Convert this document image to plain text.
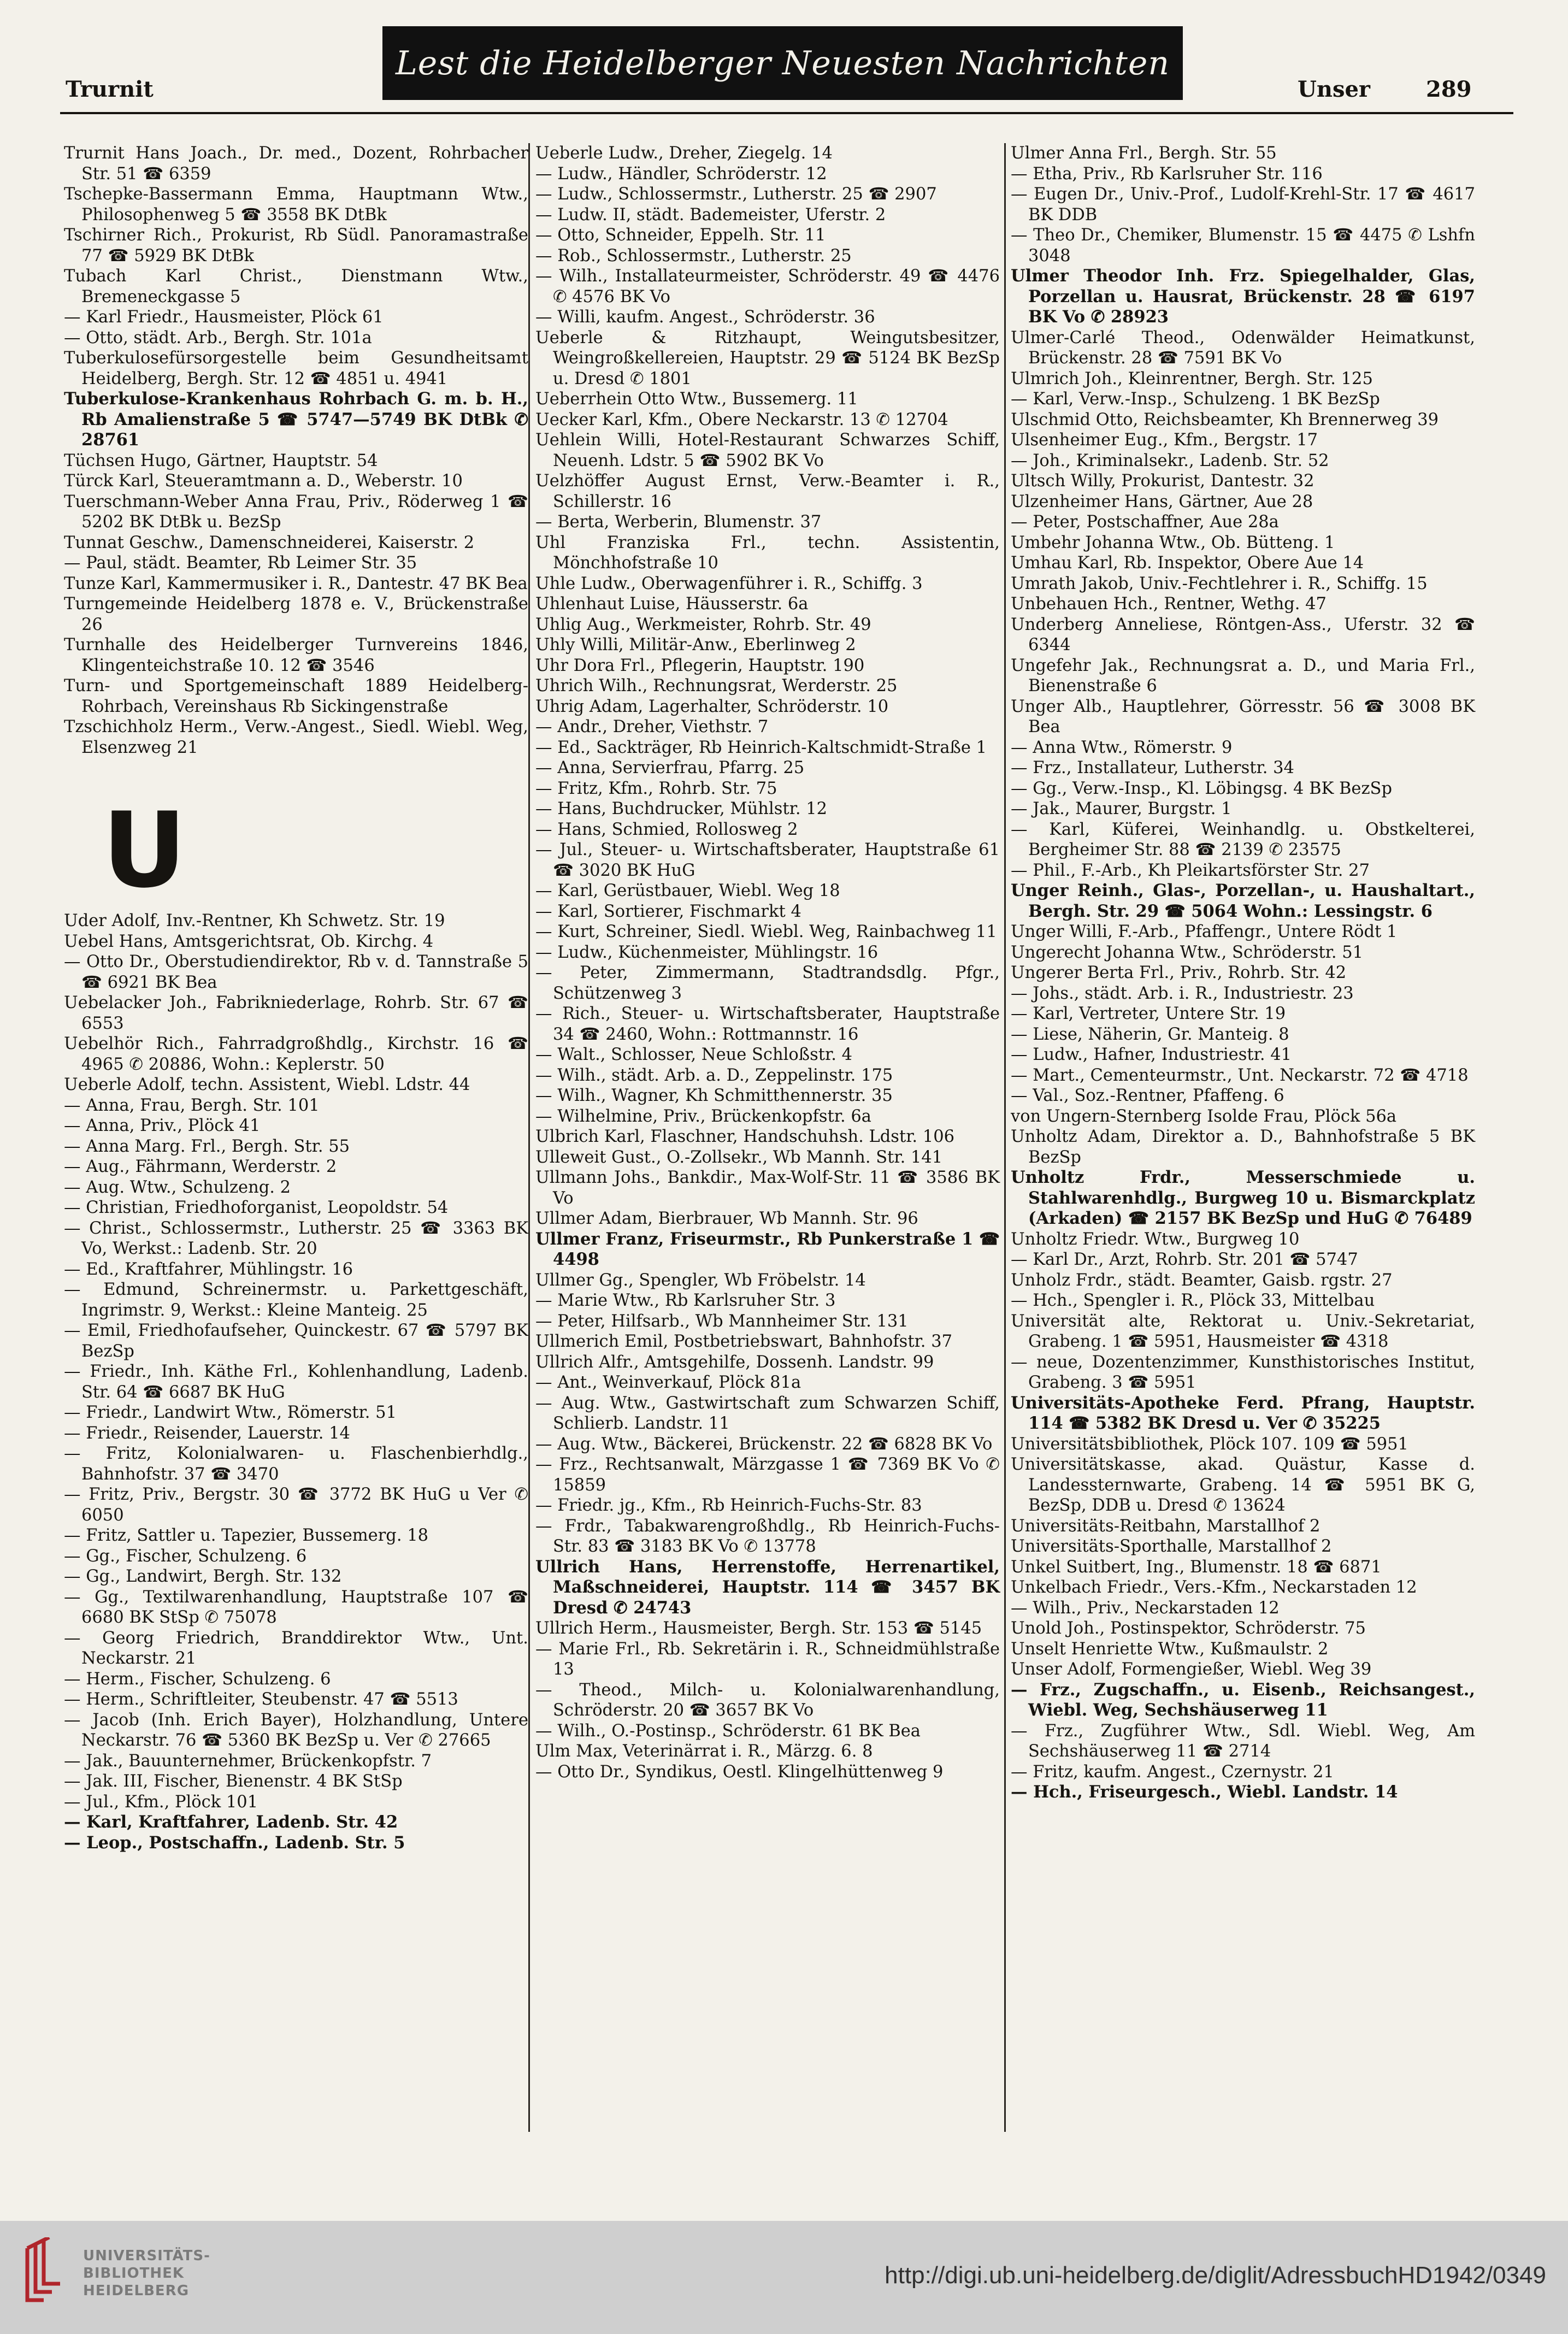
Lest die Heidelberger Neuesten Nachrichten
Trurnit	Unser	289
Trurnit Hans Joach., Dr. med., Dozent, Rohrbacher Str. 51 ☎ 6359
Tschepke-Bassermann Emma, Hauptmann Wtw., Philosophenweg 5 ☎ 3558 BK DtBk
Tschirner Rich., Prokurist, Rb Südl. Panoramastraße 77 ☎ 5929 BK DtBk
Tubach Karl Christ., Dienstmann Wtw., Bremeneckgasse 5
— Karl Friedr., Hausmeister, Plöck 61
— Otto, städt. Arb., Bergh. Str. 101a
Tuberkulosefürsorgestelle beim Gesundheitsamt Heidelberg, Bergh. Str. 12 ☎ 4851 u. 4941
Tuberkulose-Krankenhaus Rohrbach G. m. b. H., Rb Amalienstraße 5 ☎ 5747—5749 BK DtBk ✆ 28761
Tüchsen Hugo, Gärtner, Hauptstr. 54
Türck Karl, Steueramtmann a. D., Weberstr. 10
Tuerschmann-Weber Anna Frau, Priv., Röderweg 1 ☎ 5202 BK DtBk u. BezSp
Tunnat Geschw., Damenschneiderei, Kaiserstr. 2
— Paul, städt. Beamter, Rb Leimer Str. 35
Tunze Karl, Kammermusiker i. R., Dantestr. 47 BK Bea
Turngemeinde Heidelberg 1878 e. V., Brückenstraße 26
Turnhalle des Heidelberger Turnvereins 1846, Klingenteichstraße 10. 12 ☎ 3546
Turn- und Sportgemeinschaft 1889 Heidelberg-Rohrbach, Vereinshaus Rb Sickingenstraße
Tzschichholz Herm., Verw.-Angest., Siedl. Wiebl. Weg, Elsenzweg 21
U
Uder Adolf, Inv.-Rentner, Kh Schwetz. Str. 19
Uebel Hans, Amtsgerichtsrat, Ob. Kirchg. 4
— Otto Dr., Oberstudiendirektor, Rb v. d. Tannstraße 5 ☎ 6921 BK Bea
Uebelacker Joh., Fabrikniederlage, Rohrb. Str. 67 ☎ 6553
Uebelhör Rich., Fahrradgroßhdlg., Kirchstr. 16 ☎ 4965 ✆ 20886, Wohn.: Keplerstr. 50
Ueberle Adolf, techn. Assistent, Wiebl. Ldstr. 44
— Anna, Frau, Bergh. Str. 101
— Anna, Priv., Plöck 41
— Anna Marg. Frl., Bergh. Str. 55
— Aug., Fährmann, Werderstr. 2
— Aug. Wtw., Schulzeng. 2
— Christian, Friedhoforganist, Leopoldstr. 54
— Christ., Schlossermstr., Lutherstr. 25 ☎ 3363 BK Vo, Werkst.: Ladenb. Str. 20
— Ed., Kraftfahrer, Mühlingstr. 16
— Edmund, Schreinermstr. u. Parkettgeschäft, Ingrimstr. 9, Werkst.: Kleine Manteig. 25
— Emil, Friedhofaufseher, Quinckestr. 67 ☎ 5797 BK BezSp
— Friedr., Inh. Käthe Frl., Kohlenhandlung, Ladenb. Str. 64 ☎ 6687 BK HuG
— Friedr., Landwirt Wtw., Römerstr. 51
— Friedr., Reisender, Lauerstr. 14
— Fritz, Kolonialwaren- u. Flaschenbierhdlg., Bahnhofstr. 37 ☎ 3470
— Fritz, Priv., Bergstr. 30 ☎ 3772 BK HuG u Ver ✆ 6050
— Fritz, Sattler u. Tapezier, Bussemerg. 18
— Gg., Fischer, Schulzeng. 6
— Gg., Landwirt, Bergh. Str. 132
— Gg., Textilwarenhandlung, Hauptstraße 107 ☎ 6680 BK StSp ✆ 75078
— Georg Friedrich, Branddirektor Wtw., Unt. Neckarstr. 21
— Herm., Fischer, Schulzeng. 6
— Herm., Schriftleiter, Steubenstr. 47 ☎ 5513
— Jacob (Inh. Erich Bayer), Holzhandlung, Untere Neckarstr. 76 ☎ 5360 BK BezSp u. Ver ✆ 27665
— Jak., Bauunternehmer, Brückenkopfstr. 7
— Jak. III, Fischer, Bienenstr. 4 BK StSp
— Jul., Kfm., Plöck 101
— Karl, Kraftfahrer, Ladenb. Str. 42
— Leop., Postschaffn., Ladenb. Str. 5
Ueberle Ludw., Dreher, Ziegelg. 14
— Ludw., Händler, Schröderstr. 12
— Ludw., Schlossermstr., Lutherstr. 25 ☎ 2907
— Ludw. II, städt. Bademeister, Uferstr. 2
— Otto, Schneider, Eppelh. Str. 11
— Rob., Schlossermstr., Lutherstr. 25
— Wilh., Installateurmeister, Schröderstr. 49 ☎ 4476 ✆ 4576 BK Vo
— Willi, kaufm. Angest., Schröderstr. 36
Ueberle & Ritzhaupt, Weingutsbesitzer, Weingroßkellereien, Hauptstr. 29 ☎ 5124 BK BezSp u. Dresd ✆ 1801
Ueberrhein Otto Wtw., Bussemerg. 11
Uecker Karl, Kfm., Obere Neckarstr. 13 ✆ 12704
Uehlein Willi, Hotel-Restaurant Schwarzes Schiff, Neuenh. Ldstr. 5 ☎ 5902 BK Vo
Uelzhöffer August Ernst, Verw.-Beamter i. R., Schillerstr. 16
— Berta, Werberin, Blumenstr. 37
Uhl Franziska Frl., techn. Assistentin, Mönchhofstraße 10
Uhle Ludw., Oberwagenführer i. R., Schiffg. 3
Uhlenhaut Luise, Häusserstr. 6a
Uhlig Aug., Werkmeister, Rohrb. Str. 49
Uhly Willi, Militär-Anw., Eberlinweg 2
Uhr Dora Frl., Pflegerin, Hauptstr. 190
Uhrich Wilh., Rechnungsrat, Werderstr. 25
Uhrig Adam, Lagerhalter, Schröderstr. 10
— Andr., Dreher, Viethstr. 7
— Ed., Sackträger, Rb Heinrich-Kaltschmidt-Straße 1
— Anna, Servierfrau, Pfarrg. 25
— Fritz, Kfm., Rohrb. Str. 75
— Hans, Buchdrucker, Mühlstr. 12
— Hans, Schmied, Rollosweg 2
— Jul., Steuer- u. Wirtschaftsberater, Hauptstraße 61 ☎ 3020 BK HuG
— Karl, Gerüstbauer, Wiebl. Weg 18
— Karl, Sortierer, Fischmarkt 4
— Kurt, Schreiner, Siedl. Wiebl. Weg, Rainbachweg 11
— Ludw., Küchenmeister, Mühlingstr. 16
— Peter, Zimmermann, Stadtrandsdlg. Pfgr., Schützenweg 3
— Rich., Steuer- u. Wirtschaftsberater, Hauptstraße 34 ☎ 2460, Wohn.: Rottmannstr. 16
— Walt., Schlosser, Neue Schloßstr. 4
— Wilh., städt. Arb. a. D., Zeppelinstr. 175
— Wilh., Wagner, Kh Schmitthennerstr. 35
— Wilhelmine, Priv., Brückenkopfstr. 6a
Ulbrich Karl, Flaschner, Handschuhsh. Ldstr. 106
Ulleweit Gust., O.-Zollsekr., Wb Mannh. Str. 141
Ullmann Johs., Bankdir., Max-Wolf-Str. 11 ☎ 3586 BK Vo
Ullmer Adam, Bierbrauer, Wb Mannh. Str. 96
Ullmer Franz, Friseurmstr., Rb Punkerstraße 1 ☎ 4498
Ullmer Gg., Spengler, Wb Fröbelstr. 14
— Marie Wtw., Rb Karlsruher Str. 3
— Peter, Hilfsarb., Wb Mannheimer Str. 131
Ullmerich Emil, Postbetriebswart, Bahnhofstr. 37
Ullrich Alfr., Amtsgehilfe, Dossenh. Landstr. 99
— Ant., Weinverkauf, Plöck 81a
— Aug. Wtw., Gastwirtschaft zum Schwarzen Schiff, Schlierb. Landstr. 11
— Aug. Wtw., Bäckerei, Brückenstr. 22 ☎ 6828 BK Vo
— Frz., Rechtsanwalt, Märzgasse 1 ☎ 7369 BK Vo ✆ 15859
— Friedr. jg., Kfm., Rb Heinrich-Fuchs-Str. 83
— Frdr., Tabakwarengroßhdlg., Rb Heinrich-Fuchs-Str. 83 ☎ 3183 BK Vo ✆ 13778
Ullrich Hans, Herrenstoffe, Herrenartikel, Maßschneiderei, Hauptstr. 114 ☎ 3457 BK Dresd ✆ 24743
Ullrich Herm., Hausmeister, Bergh. Str. 153 ☎ 5145
— Marie Frl., Rb. Sekretärin i. R., Schneidmühlstraße 13
— Theod., Milch- u. Kolonialwarenhandlung, Schröderstr. 20 ☎ 3657 BK Vo
— Wilh., O.-Postinsp., Schröderstr. 61 BK Bea
Ulm Max, Veterinärrat i. R., Märzg. 6. 8
— Otto Dr., Syndikus, Oestl. Klingelhüttenweg 9
Ulmer Anna Frl., Bergh. Str. 55
— Etha, Priv., Rb Karlsruher Str. 116
— Eugen Dr., Univ.-Prof., Ludolf-Krehl-Str. 17 ☎ 4617 BK DDB
— Theo Dr., Chemiker, Blumenstr. 15 ☎ 4475 ✆ Lshfn 3048
Ulmer Theodor Inh. Frz. Spiegelhalder, Glas, Porzellan u. Hausrat, Brückenstr. 28 ☎ 6197 BK Vo ✆ 28923
Ulmer-Carlé Theod., Odenwälder Heimatkunst, Brückenstr. 28 ☎ 7591 BK Vo
Ulmrich Joh., Kleinrentner, Bergh. Str. 125
— Karl, Verw.-Insp., Schulzeng. 1 BK BezSp
Ulschmid Otto, Reichsbeamter, Kh Brennerweg 39
Ulsenheimer Eug., Kfm., Bergstr. 17
— Joh., Kriminalsekr., Ladenb. Str. 52
Ultsch Willy, Prokurist, Dantestr. 32
Ulzenheimer Hans, Gärtner, Aue 28
— Peter, Postschaffner, Aue 28a
Umbehr Johanna Wtw., Ob. Bütteng. 1
Umhau Karl, Rb. Inspektor, Obere Aue 14
Umrath Jakob, Univ.-Fechtlehrer i. R., Schiffg. 15
Unbehauen Hch., Rentner, Wethg. 47
Underberg Anneliese, Röntgen-Ass., Uferstr. 32 ☎ 6344
Ungefehr Jak., Rechnungsrat a. D., und Maria Frl., Bienenstraße 6
Unger Alb., Hauptlehrer, Görresstr. 56 ☎ 3008 BK Bea
— Anna Wtw., Römerstr. 9
— Frz., Installateur, Lutherstr. 34
— Gg., Verw.-Insp., Kl. Löbingsg. 4 BK BezSp
— Jak., Maurer, Burgstr. 1
— Karl, Küferei, Weinhandlg. u. Obstkelterei, Bergheimer Str. 88 ☎ 2139 ✆ 23575
— Phil., F.-Arb., Kh Pleikartsförster Str. 27
Unger Reinh., Glas-, Porzellan-, u. Haushaltart., Bergh. Str. 29 ☎ 5064 Wohn.: Lessingstr. 6
Unger Willi, F.-Arb., Pfaffengr., Untere Rödt 1
Ungerecht Johanna Wtw., Schröderstr. 51
Ungerer Berta Frl., Priv., Rohrb. Str. 42
— Johs., städt. Arb. i. R., Industriestr. 23
— Karl, Vertreter, Untere Str. 19
— Liese, Näherin, Gr. Manteig. 8
— Ludw., Hafner, Industriestr. 41
— Mart., Cementeurmstr., Unt. Neckarstr. 72 ☎ 4718
— Val., Soz.-Rentner, Pfaffeng. 6
von Ungern-Sternberg Isolde Frau, Plöck 56a
Unholtz Adam, Direktor a. D., Bahnhofstraße 5 BK BezSp
Unholtz Frdr., Messerschmiede u. Stahlwarenhdlg., Burgweg 10 u. Bismarckplatz (Arkaden) ☎ 2157 BK BezSp und HuG ✆ 76489
Unholtz Friedr. Wtw., Burgweg 10
— Karl Dr., Arzt, Rohrb. Str. 201 ☎ 5747
Unholz Frdr., städt. Beamter, Gaisb. rgstr. 27
— Hch., Spengler i. R., Plöck 33, Mittelbau
Universität alte, Rektorat u. Univ.-Sekretariat, Grabeng. 1 ☎ 5951, Hausmeister ☎ 4318
— neue, Dozentenzimmer, Kunsthistorisches Institut, Grabeng. 3 ☎ 5951
Universitäts-Apotheke Ferd. Pfrang, Hauptstr. 114 ☎ 5382 BK Dresd u. Ver ✆ 35225
Universitätsbibliothek, Plöck 107. 109 ☎ 5951
Universitätskasse, akad. Quästur, Kasse d. Landessternwarte, Grabeng. 14 ☎ 5951 BK G, BezSp, DDB u. Dresd ✆ 13624
Universitäts-Reitbahn, Marstallhof 2
Universitäts-Sporthalle, Marstallhof 2
Unkel Suitbert, Ing., Blumenstr. 18 ☎ 6871
Unkelbach Friedr., Vers.-Kfm., Neckarstaden 12
— Wilh., Priv., Neckarstaden 12
Unold Joh., Postinspektor, Schröderstr. 75
Unselt Henriette Wtw., Kußmaulstr. 2
Unser Adolf, Formengießer, Wiebl. Weg 39
— Frz., Zugschaffn., u. Eisenb., Reichsangest., Wiebl. Weg, Sechshäuserweg 11
— Frz., Zugführer Wtw., Sdl. Wiebl. Weg, Am Sechshäuserweg 11 ☎ 2714
— Fritz, kaufm. Angest., Czernystr. 21
— Hch., Friseurgesch., Wiebl. Landstr. 14
UNIVERSITÄTS-
BIBLIOTHEK
HEIDELBERG
http://digi.ub.uni-heidelberg.de/diglit/AdressbuchHD1942/0349
